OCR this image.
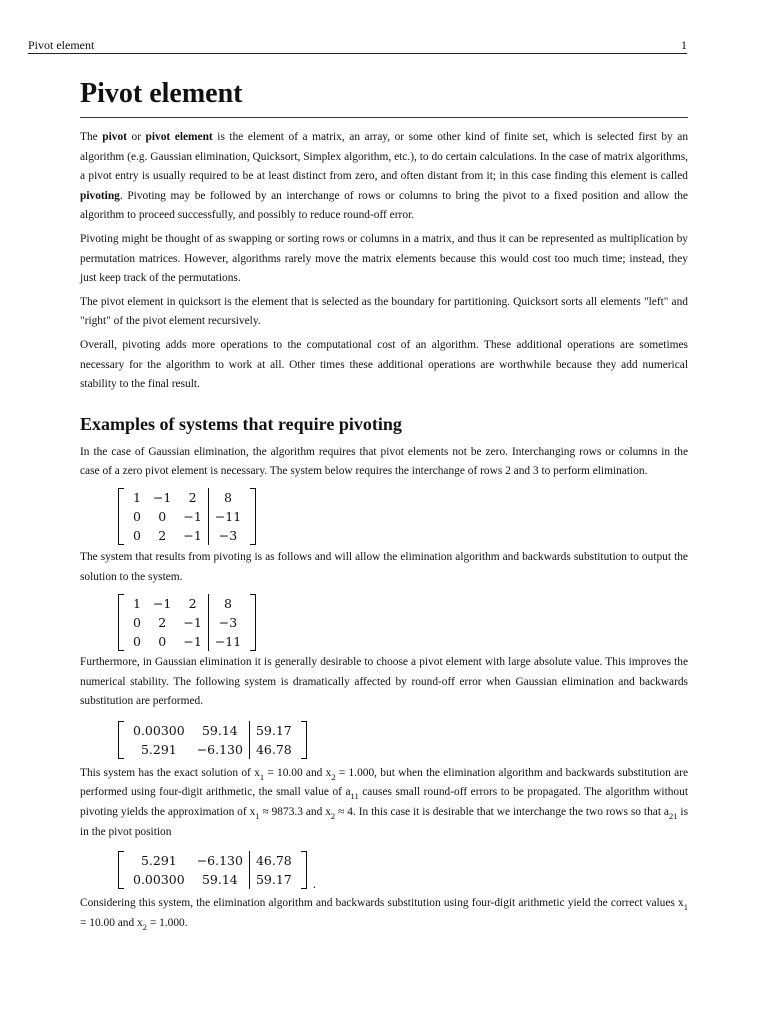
Pivot element	1
Pivot element

The pivot or pivot element is the element of a matrix, an array, or some other kind of finite set, which is selected first by an algorithm (e.g. Gaussian elimination, Quicksort, Simplex algorithm, etc.), to do certain calculations. In the case of matrix algorithms, a pivot entry is usually required to be at least distinct from zero, and often distant from it; in this case finding this element is called pivoting. Pivoting may be followed by an interchange of rows or columns to bring the pivot to a fixed position and allow the algorithm to proceed successfully, and possibly to reduce round-off error.

Pivoting might be thought of as swapping or sorting rows or columns in a matrix, and thus it can be represented as multiplication by permutation matrices. However, algorithms rarely move the matrix elements because this would cost too much time; instead, they just keep track of the permutations.

The pivot element in quicksort is the element that is selected as the boundary for partitioning. Quicksort sorts all elements "left" and "right" of the pivot element recursively.

Overall, pivoting adds more operations to the computational cost of an algorithm. These additional operations are sometimes necessary for the algorithm to work at all. Other times these additional operations are worthwhile because they add numerical stability to the final result.

Examples of systems that require pivoting

In the case of Gaussian elimination, the algorithm requires that pivot elements not be zero. Interchanging rows or columns in the case of a zero pivot element is necessary. The system below requires the interchange of rows 2 and 3 to perform elimination.

1	−1	2	8
0	0	−1	−11
0	2	−1	−3

The system that results from pivoting is as follows and will allow the elimination algorithm and backwards substitution to output the solution to the system.

1	−1	2	8
0	2	−1	−3
0	0	−1	−11

Furthermore, in Gaussian elimination it is generally desirable to choose a pivot element with large absolute value. This improves the numerical stability. The following system is dramatically affected by round-off error when Gaussian elimination and backwards substitution are performed.

0.00300	59.14	59.17
5.291	−6.130	46.78

This system has the exact solution of $x_1 = 10.00$ and $x_2 = 1.000$, but when the elimination algorithm and backwards substitution are performed using four-digit arithmetic, the small value of $a_{11}$ causes small round-off errors to be propagated. The algorithm without pivoting yields the approximation of $x_1 \approx 9873.3$ and $x_2 \approx 4$. In this case it is desirable that we interchange the two rows so that $a_{21}$ is in the pivot position

5.291	−6.130	46.78
0.00300	59.14	59.17 .

Considering this system, the elimination algorithm and backwards substitution using four-digit arithmetic yield the correct values $x_1 = 10.00$ and $x_2 = 1.000$.
